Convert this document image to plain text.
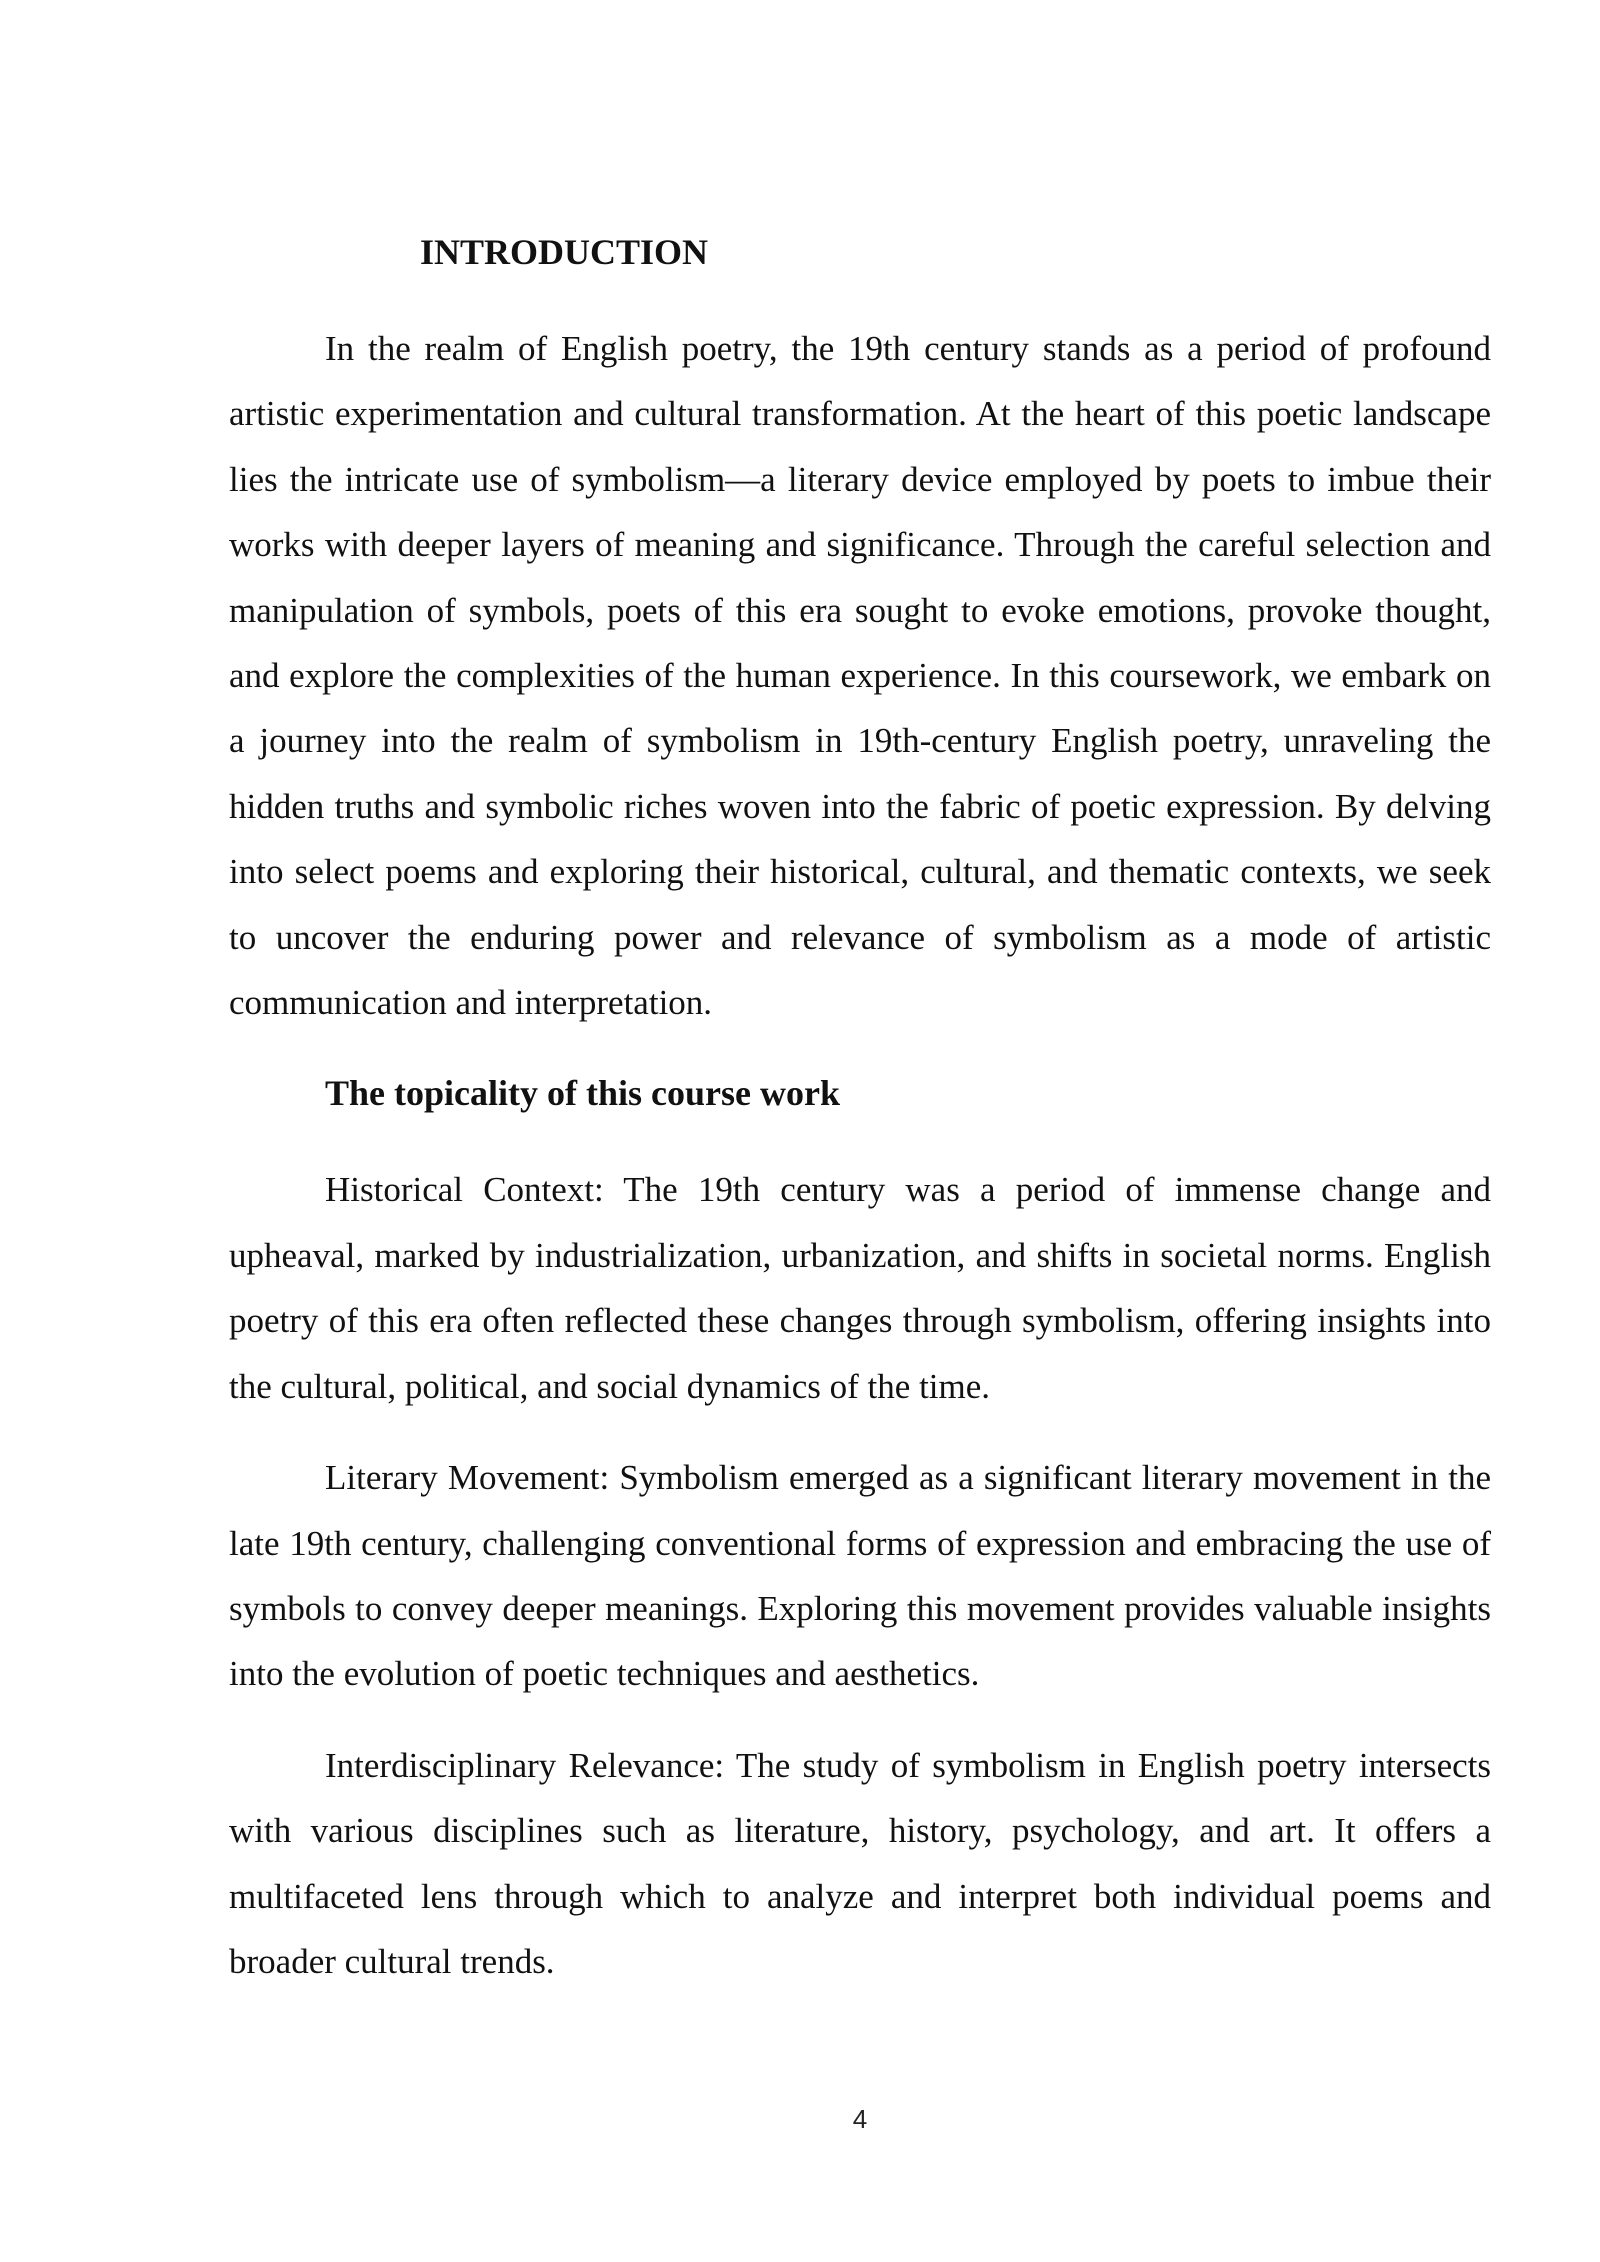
INTRODUCTION

In the realm of English poetry, the 19th century stands as a period of profound artistic experimentation and cultural transformation. At the heart of this poetic landscape lies the intricate use of symbolism—a literary device employed by poets to imbue their works with deeper layers of meaning and significance. Through the careful selection and manipulation of symbols, poets of this era sought to evoke emotions, provoke thought, and explore the complexities of the human experience. In this coursework, we embark on a journey into the realm of symbolism in 19th-century English poetry, unraveling the hidden truths and symbolic riches woven into the fabric of poetic expression. By delving into select poems and exploring their historical, cultural, and thematic contexts, we seek to uncover the enduring power and relevance of symbolism as a mode of artistic communication and interpretation.

The topicality of this course work

Historical Context: The 19th century was a period of immense change and upheaval, marked by industrialization, urbanization, and shifts in societal norms. English poetry of this era often reflected these changes through symbolism, offering insights into the cultural, political, and social dynamics of the time.

Literary Movement: Symbolism emerged as a significant literary movement in the late 19th century, challenging conventional forms of expression and embracing the use of symbols to convey deeper meanings. Exploring this movement provides valuable insights into the evolution of poetic techniques and aesthetics.

Interdisciplinary Relevance: The study of symbolism in English poetry intersects with various disciplines such as literature, history, psychology, and art. It offers a multifaceted lens through which to analyze and interpret both individual poems and broader cultural trends.

4
